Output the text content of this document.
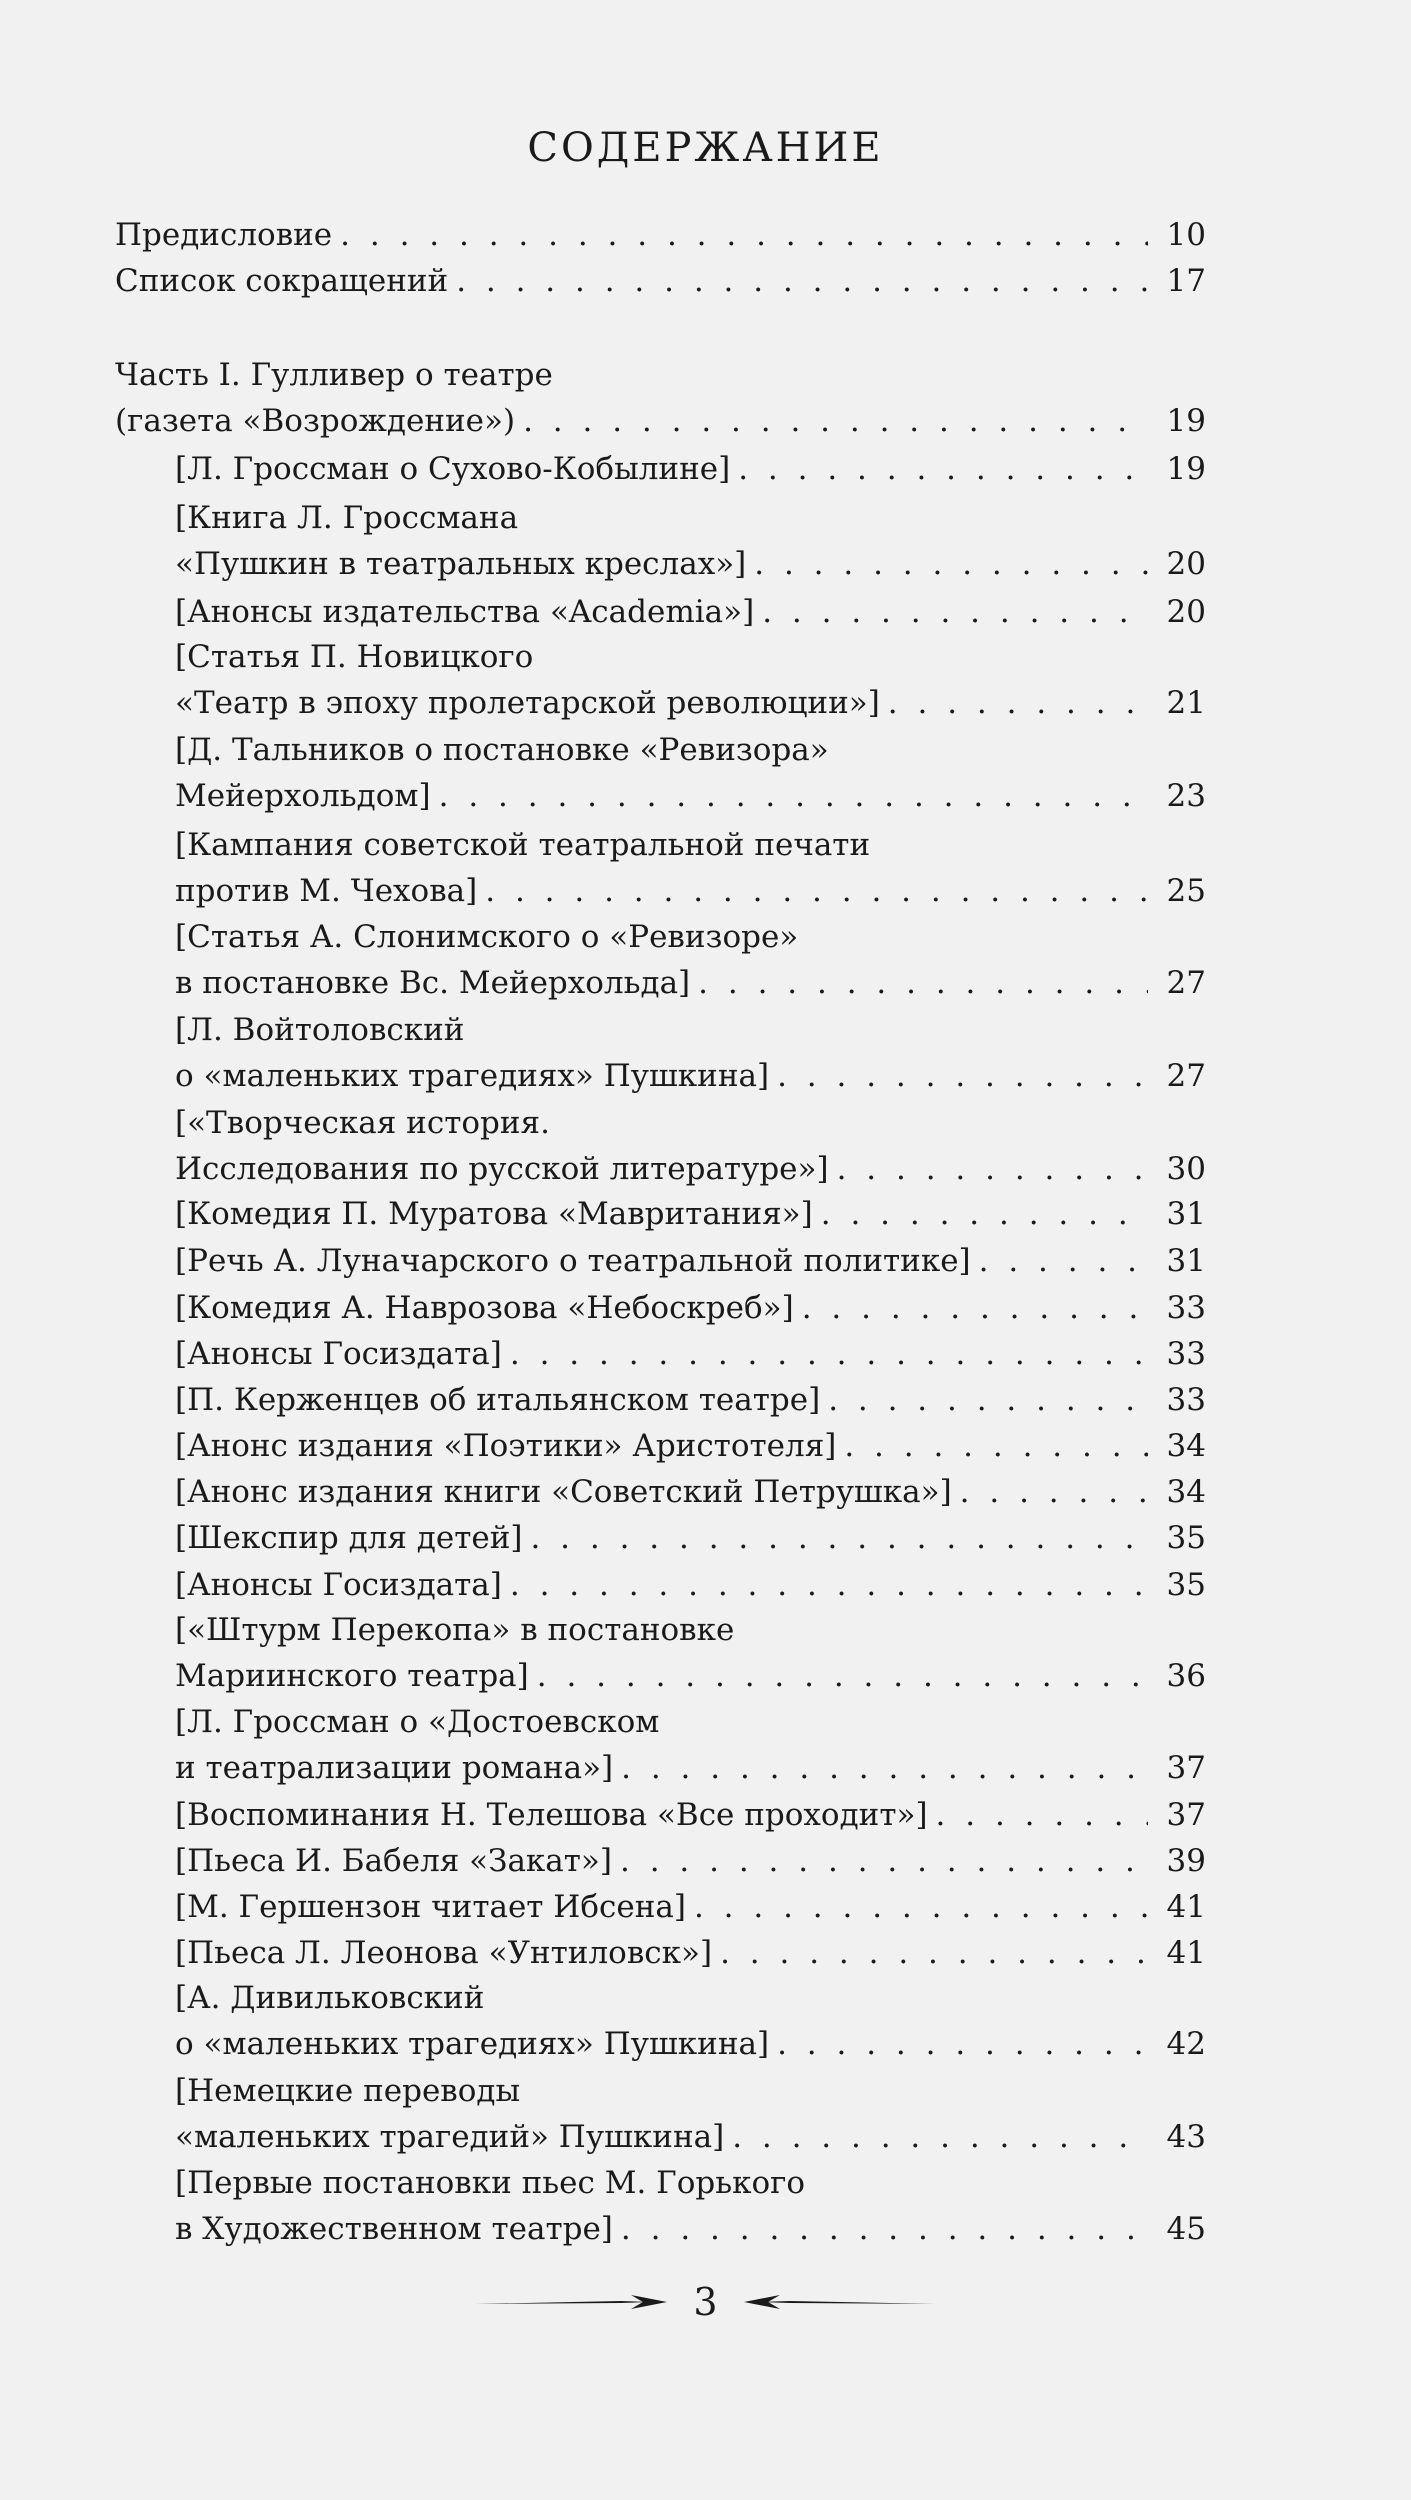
СОДЕРЖАНИЕ
Предисловие . . .	10
Список сокращений . . .	17
Часть I. Гулливер о театре
(газета «Возрождение») . . .	19
[Л. Гроссман о Сухово-Кобылине] . . .	19
[Книга Л. Гроссмана
«Пушкин в театральных креслах»] . . .	20
[Анонсы издательства «Academia»] . . .	20
[Статья П. Новицкого
«Театр в эпоху пролетарской революции»] . . .	21
[Д. Тальников о постановке «Ревизора»
Мейерхольдом] . . .	23
[Кампания советской театральной печати
против М. Чехова] . . .	25
[Статья А. Слонимского о «Ревизоре»
в постановке Вс. Мейерхольда] . . .	27
[Л. Войтоловский
о «маленьких трагедиях» Пушкина] . . .	27
[«Творческая история.
Исследования по русской литературе»] . . .	30
[Комедия П. Муратова «Мавритания»] . . .	31
[Речь А. Луначарского о театральной политике] . . .	31
[Комедия А. Наврозова «Небоскреб»] . . .	33
[Анонсы Госиздата] . . .	33
[П. Керженцев об итальянском театре] . . .	33
[Анонс издания «Поэтики» Аристотеля] . . .	34
[Анонс издания книги «Советский Петрушка»] . . .	34
[Шекспир для детей] . . .	35
[Анонсы Госиздата] . . .	35
[«Штурм Перекопа» в постановке
Мариинского театра] . . .	36
[Л. Гроссман о «Достоевском
и театрализации романа»] . . .	37
[Воспоминания Н. Телешова «Все проходит»] . . .	37
[Пьеса И. Бабеля «Закат»] . . .	39
[М. Гершензон читает Ибсена] . . .	41
[Пьеса Л. Леонова «Унтиловск»] . . .	41
[А. Дивильковский
о «маленьких трагедиях» Пушкина] . . .	42
[Немецкие переводы
«маленьких трагедий» Пушкина] . . .	43
[Первые постановки пьес М. Горького
в Художественном театре] . . .	45
3
